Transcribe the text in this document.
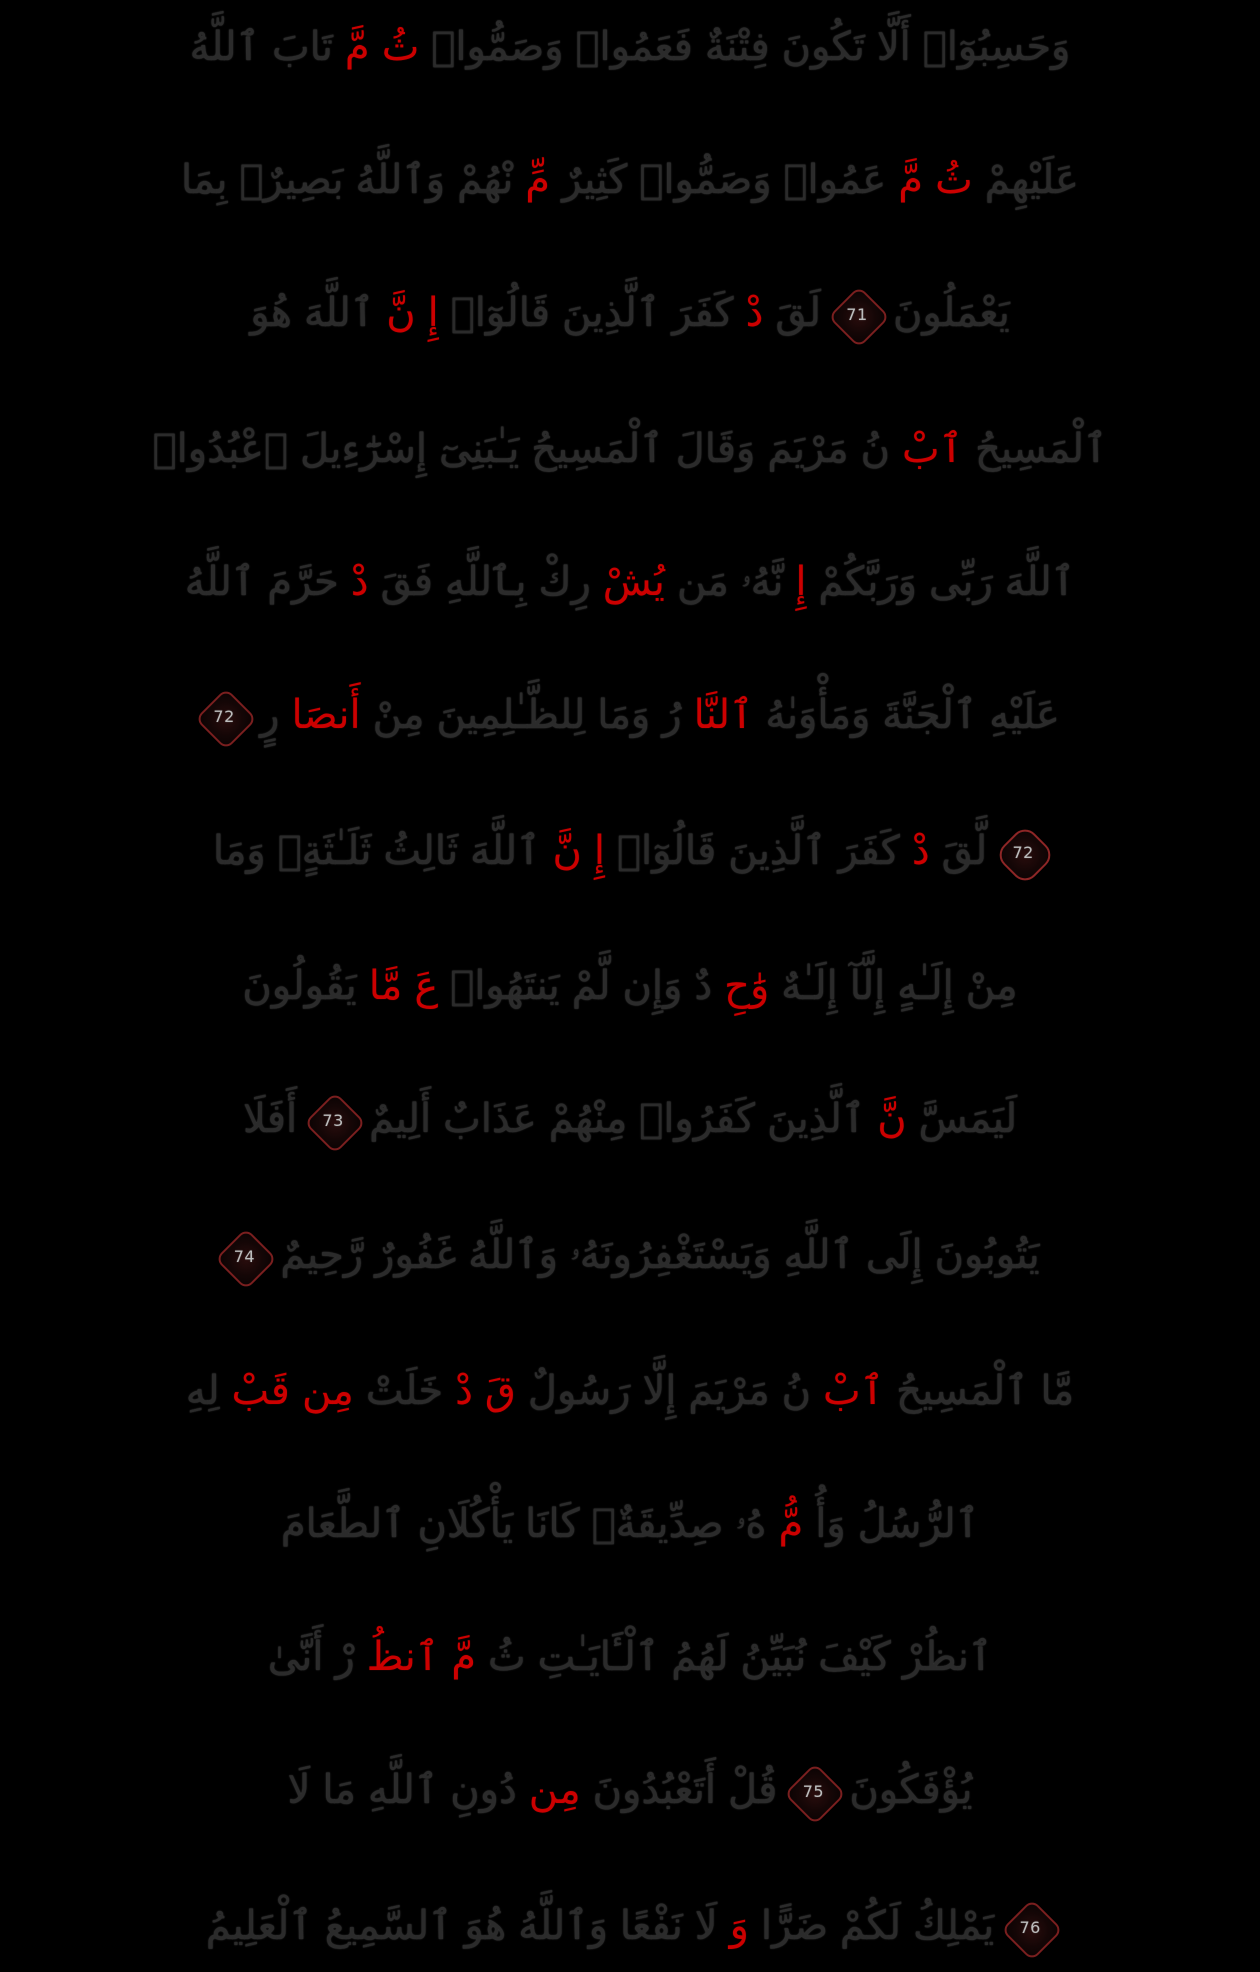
وَحَسِبُوٓا۟أَلَّاتَكُونَفِتْنَةٌفَعَمُوا۟وَصَمُّوا۟ثُمَّتَابَٱللَّهُ
عَلَيْهِمْثُمَّعَمُوا۟وَصَمُّوا۟كَثِيرٌمِّنْهُمْوَٱللَّهُبَصِيرٌۢبِمَا
يَعْمَلُونَ
71لَقَدْكَفَرَٱلَّذِينَقَالُوٓا۟إِنَّٱللَّهَهُوَ
ٱلْمَسِيحُٱبْنُمَرْيَمَوَقَالَٱلْمَسِيحُيَـٰبَنِىٓإِسْرَٰٓءِيلَٱعْبُدُوا۟
ٱللَّهَرَبِّىوَرَبَّكُمْإِنَّهُۥمَنيُشْرِكْبِٱللَّهِفَقَدْحَرَّمَٱللَّهُ
عَلَيْهِٱلْجَنَّةَوَمَأْوَىٰهُٱلنَّارُوَمَالِلظَّـٰلِمِينَمِنْأَنصَارٍ
72
72لَّقَدْكَفَرَٱلَّذِينَقَالُوٓا۟إِنَّٱللَّهَثَالِثُثَلَـٰثَةٍۘوَمَا
مِنْإِلَـٰهٍإِلَّآإِلَـٰهٌوَٰحِدٌوَإِنلَّمْيَنتَهُوا۟عَمَّايَقُولُونَ
لَيَمَسَّنَّٱلَّذِينَكَفَرُوا۟مِنْهُمْعَذَابٌأَلِيمٌ
73أَفَلَا
يَتُوبُونَإِلَىٱللَّهِوَيَسْتَغْفِرُونَهُۥوَٱللَّهُغَفُورٌرَّحِيمٌ
74
مَّاٱلْمَسِيحُٱبْنُمَرْيَمَإِلَّارَسُولٌقَدْخَلَتْمِنقَبْلِهِ
ٱلرُّسُلُوَأُمُّهُۥصِدِّيقَةٌۖكَانَايَأْكُلَانِٱلطَّعَامَ
ٱنظُرْكَيْفَنُبَيِّنُلَهُمُٱلْـَٔايَـٰتِثُمَّٱنظُرْأَنَّىٰ
يُؤْفَكُونَ
75قُلْأَتَعْبُدُونَمِندُونِٱللَّهِمَالَا
76يَمْلِكُلَكُمْضَرًّاوَلَانَفْعًاوَٱللَّهُهُوَٱلسَّمِيعُٱلْعَلِيمُ
